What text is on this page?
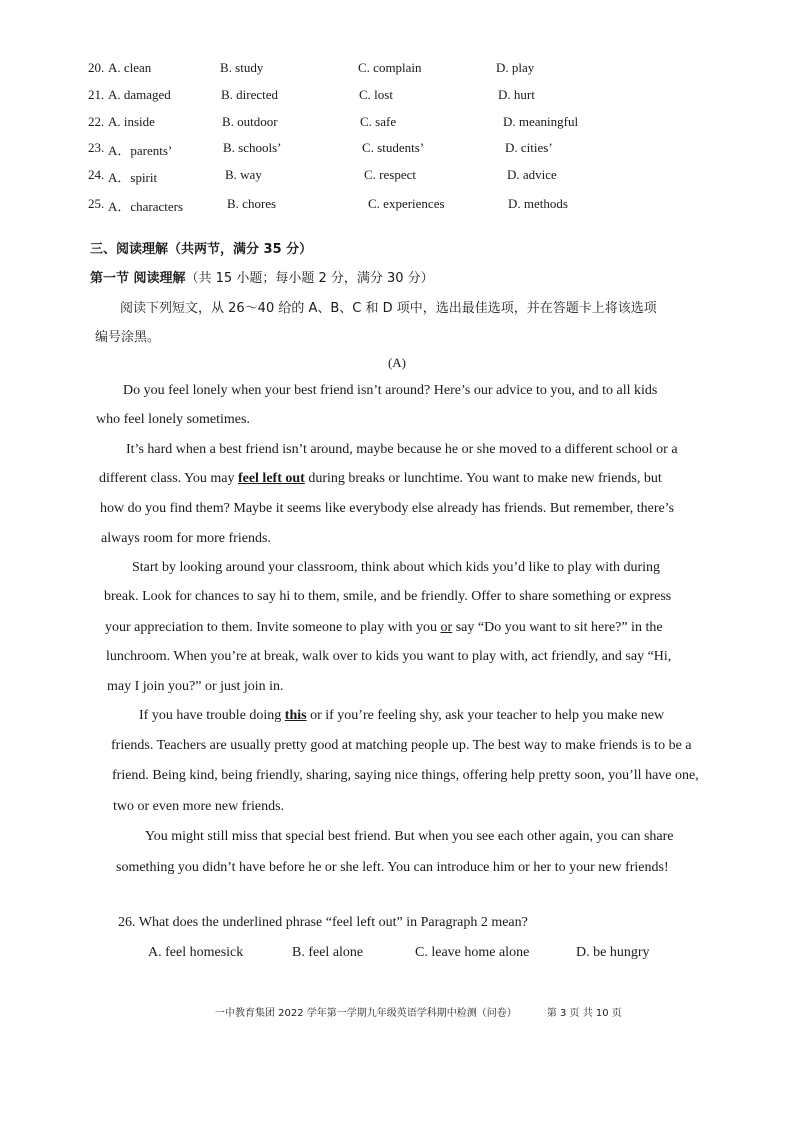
20. A. clean	B. study	C. complain	D. play
21. A. damaged	B. directed	C. lost	D. hurt
22. A. inside	B. outdoor	C. safe	D. meaningful
23. A．parents’	B. schools’	C. students’	D. cities’
24. A．spirit	B. way	C. respect	D. advice
25. A．characters	B. chores	C. experiences	D. methods
三、阅读理解（共两节，满分 35 分）
第一节 阅读理解（共 15 小题；每小题 2 分，满分 30 分）
阅读下列短文，从 26～40 给的 A、B、C 和 D 项中，选出最佳选项，并在答题卡上将该选项
编号涂黑。
(A)
Do you feel lonely when your best friend isn’t around? Here’s our advice to you, and to all kids
who feel lonely sometimes.
It’s hard when a best friend isn’t around, maybe because he or she moved to a different school or a
different class. You may feel left out during breaks or lunchtime. You want to make new friends, but
how do you find them? Maybe it seems like everybody else already has friends. But remember, there’s
always room for more friends.
Start by looking around your classroom, think about which kids you’d like to play with during
break. Look for chances to say hi to them, smile, and be friendly. Offer to share something or express
your appreciation to them. Invite someone to play with you or say “Do you want to sit here?” in the
lunchroom. When you’re at break, walk over to kids you want to play with, act friendly, and say “Hi,
may I join you?” or just join in.
If you have trouble doing this or if you’re feeling shy, ask your teacher to help you make new
friends. Teachers are usually pretty good at matching people up. The best way to make friends is to be a
friend. Being kind, being friendly, sharing, saying nice things, offering help pretty soon, you’ll have one,
two or even more new friends.
You might still miss that special best friend. But when you see each other again, you can share
something you didn’t have before he or she left. You can introduce him or her to your new friends!
26. What does the underlined phrase “feel left out” in Paragraph 2 mean?
A. feel homesick	B. feel alone	C. leave home alone	D. be hungry
一中教育集团 2022 学年第一学期九年级英语学科期中检测（问卷）	第 3 页 共 10 页
